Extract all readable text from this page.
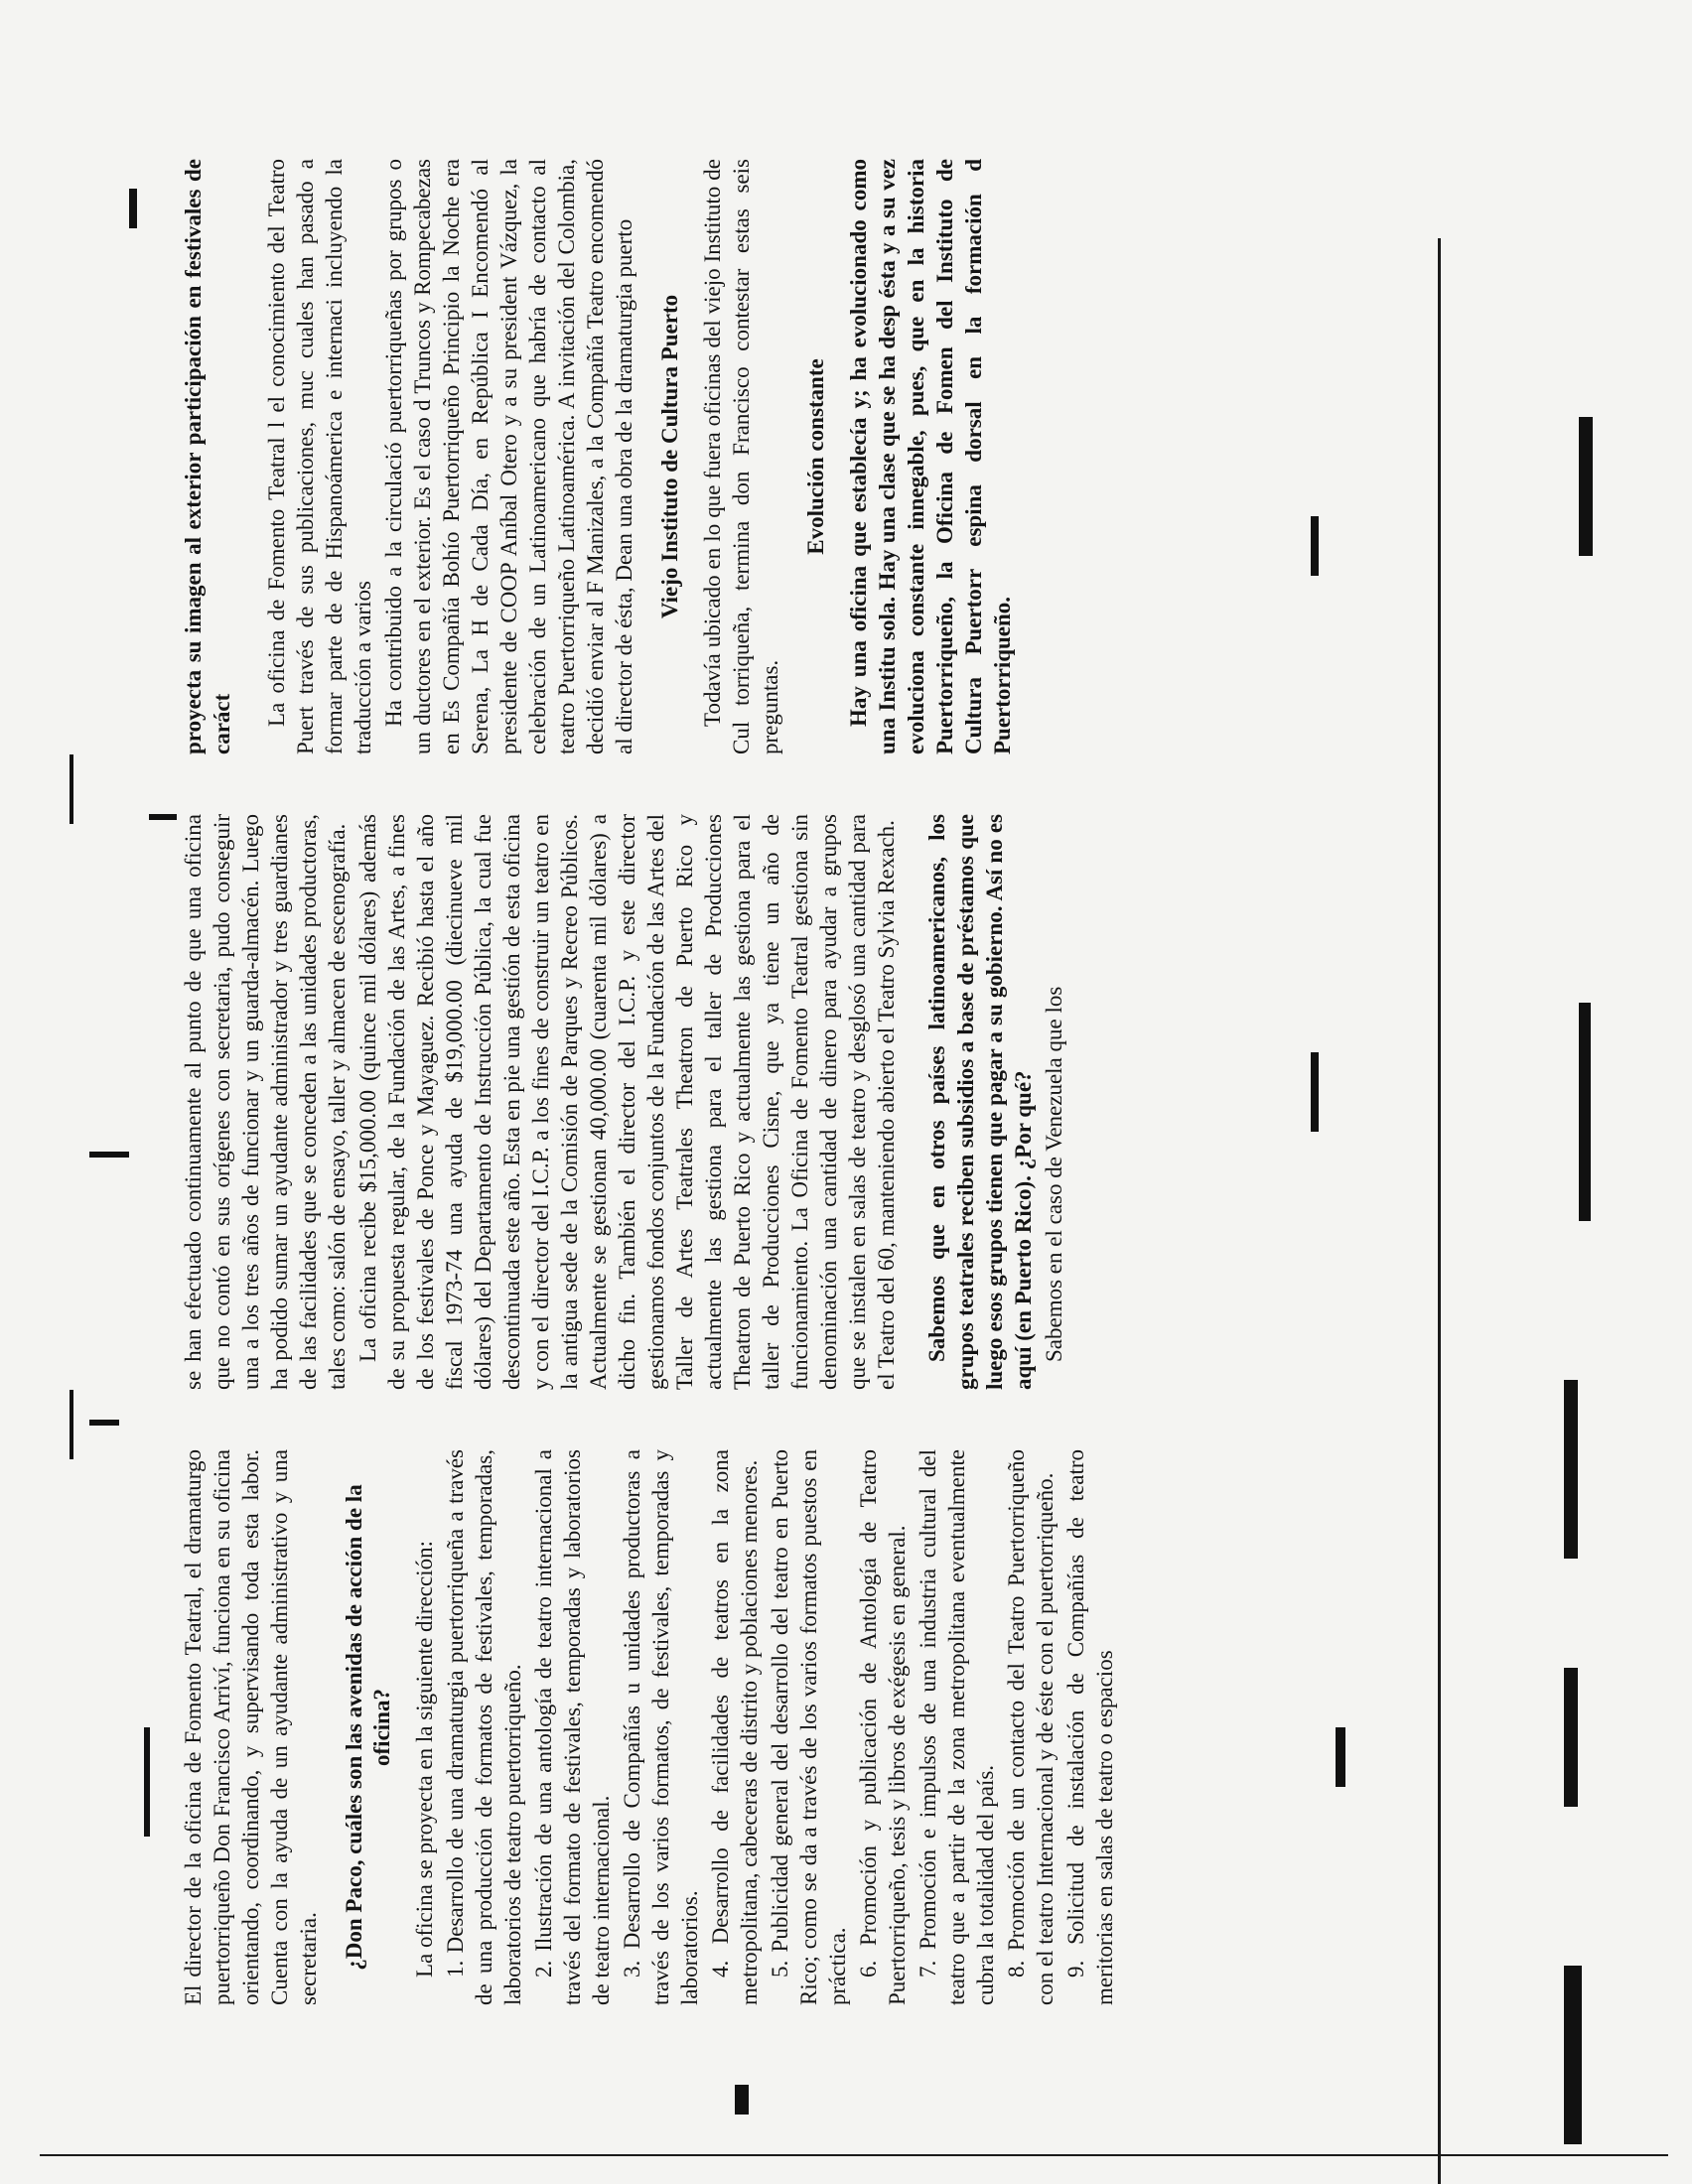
El director de la oficina de Fomento Teatral, el dramaturgo puertorriqueño Don Francisco Arriví, funciona en su oficina orientando, coordinando, y supervisando toda esta labor. Cuenta con la ayuda de un ayudante administrativo y una secretaria. ¿Don Paco, cuáles son las avenidas de acción de la oficina? La oficina se proyecta en la siguiente dirección: 1. Desarrollo de una dramaturgia puertorriqueña a través de una producción de formatos de festivales, temporadas, laboratorios de teatro puertorriqueño. 2. Ilustración de una antología de teatro internacional a través del formato de festivales, temporadas y laboratorios de teatro internacional. 3. Desarrollo de Compañías u unidades productoras a través de los varios formatos, de festivales, temporadas y laboratorios. 4. Desarrollo de facilidades de teatros en la zona metropolitana, cabeceras de distrito y poblaciones menores. 5. Publicidad general del desarrollo del teatro en Puerto Rico; como se da a través de los varios formatos puestos en práctica. 6. Promoción y publicación de Antología de Teatro Puertorriqueño, tesis y libros de exégesis en general. 7. Promoción e impulsos de una industria cultural del teatro que a partir de la zona metropolitana eventualmente cubra la totalidad del país. 8. Promoción de un contacto del Teatro Puertorriqueño con el teatro Internacional y de éste con el puertorriqueño. 9. Solicitud de instalación de Compañías de teatro meritorias en salas de teatro o espacios

se han efectuado continuamente al punto de que una oficina que no contó en sus orígenes con secretaria, pudo conseguir una a los tres años de funcionar y un guarda-almacén. Luego ha podido sumar un ayudante administrador y tres guardianes de las facilidades que se conceden a las unidades productoras, tales como: salón de ensayo, taller y almacen de escenografía. La oficina recibe $15,000.00 (quince mil dólares) además de su propuesta regular, de la Fundación de las Artes, a fines de los festivales de Ponce y Mayaguez. Recibió hasta el año fiscal 1973-74 una ayuda de $19,000.00 (diecinueve mil dólares) del Departamento de Instrucción Pública, la cual fue descontinuada este año. Esta en pie una gestión de esta oficina y con el director del I.C.P. a los fines de construir un teatro en la antigua sede de la Comisión de Parques y Recreo Públicos. Actualmente se gestionan 40,000.00 (cuarenta mil dólares) a dicho fin. También el director del I.C.P. y este director gestionamos fondos conjuntos de la Fundación de las Artes del Taller de Artes Teatrales Theatron de Puerto Rico y actualmente las gestiona para el taller de Producciones Theatron de Puerto Rico y actualmente las gestiona para el taller de Producciones Cisne, que ya tiene un año de funcionamiento. La Oficina de Fomento Teatral gestiona sin denominación una cantidad de dinero para ayudar a grupos que se instalen en salas de teatro y desglosó una cantidad para el Teatro del 60, manteniendo abierto el Teatro Sylvia Rexach. Sabemos que en otros países latinoamericanos, los grupos teatrales reciben subsidios a base de préstamos que luego esos grupos tienen que pagar a su gobierno. Así no es aquí (en Puerto Rico). ¿Por qué? Sabemos en el caso de Venezuela que los

proyecta su imagen al exterior participación en festivales de caráct La oficina de Fomento Teatral l el conocimiento del Teatro Puert través de sus publicaciones, muc cuales han pasado a formar parte de de Hispanoámerica e internaci incluyendo la traducción a varios Ha contribuido a la circulació puertorriqueñas por grupos o un ductores en el exterior. Es el caso d Truncos y Rompecabezas en Es Compañía Bohío Puertorriqueño Principio la Noche era Serena, La H de Cada Día, en República I Encomendó al presidente de COOP Aníbal Otero y a su president Vázquez, la celebración de un Latinoamericano que habría de contacto al teatro Puertorriqueño Latinoamérica. A invitación del Colombia, decidió enviar al F Manizales, a la Compañía Teatro encomendó al director de ésta, Dean una obra de la dramaturgia puerto Viejo Instituto de Cultura Puerto Todavía ubicado en lo que fuera oficinas del viejo Instituto de Cul torriqueña, termina don Francisco contestar estas seis preguntas.

Evolución constante Hay una oficina que establecía y; ha evolucionado como una Institu sola. Hay una clase que se ha desp ésta y a su vez evoluciona constante innegable, pues, que en la historia Puertorriqueño, la Oficina de Fomen del Instituto de Cultura Puertorr espina dorsal en la formación d Puertorriqueño.
